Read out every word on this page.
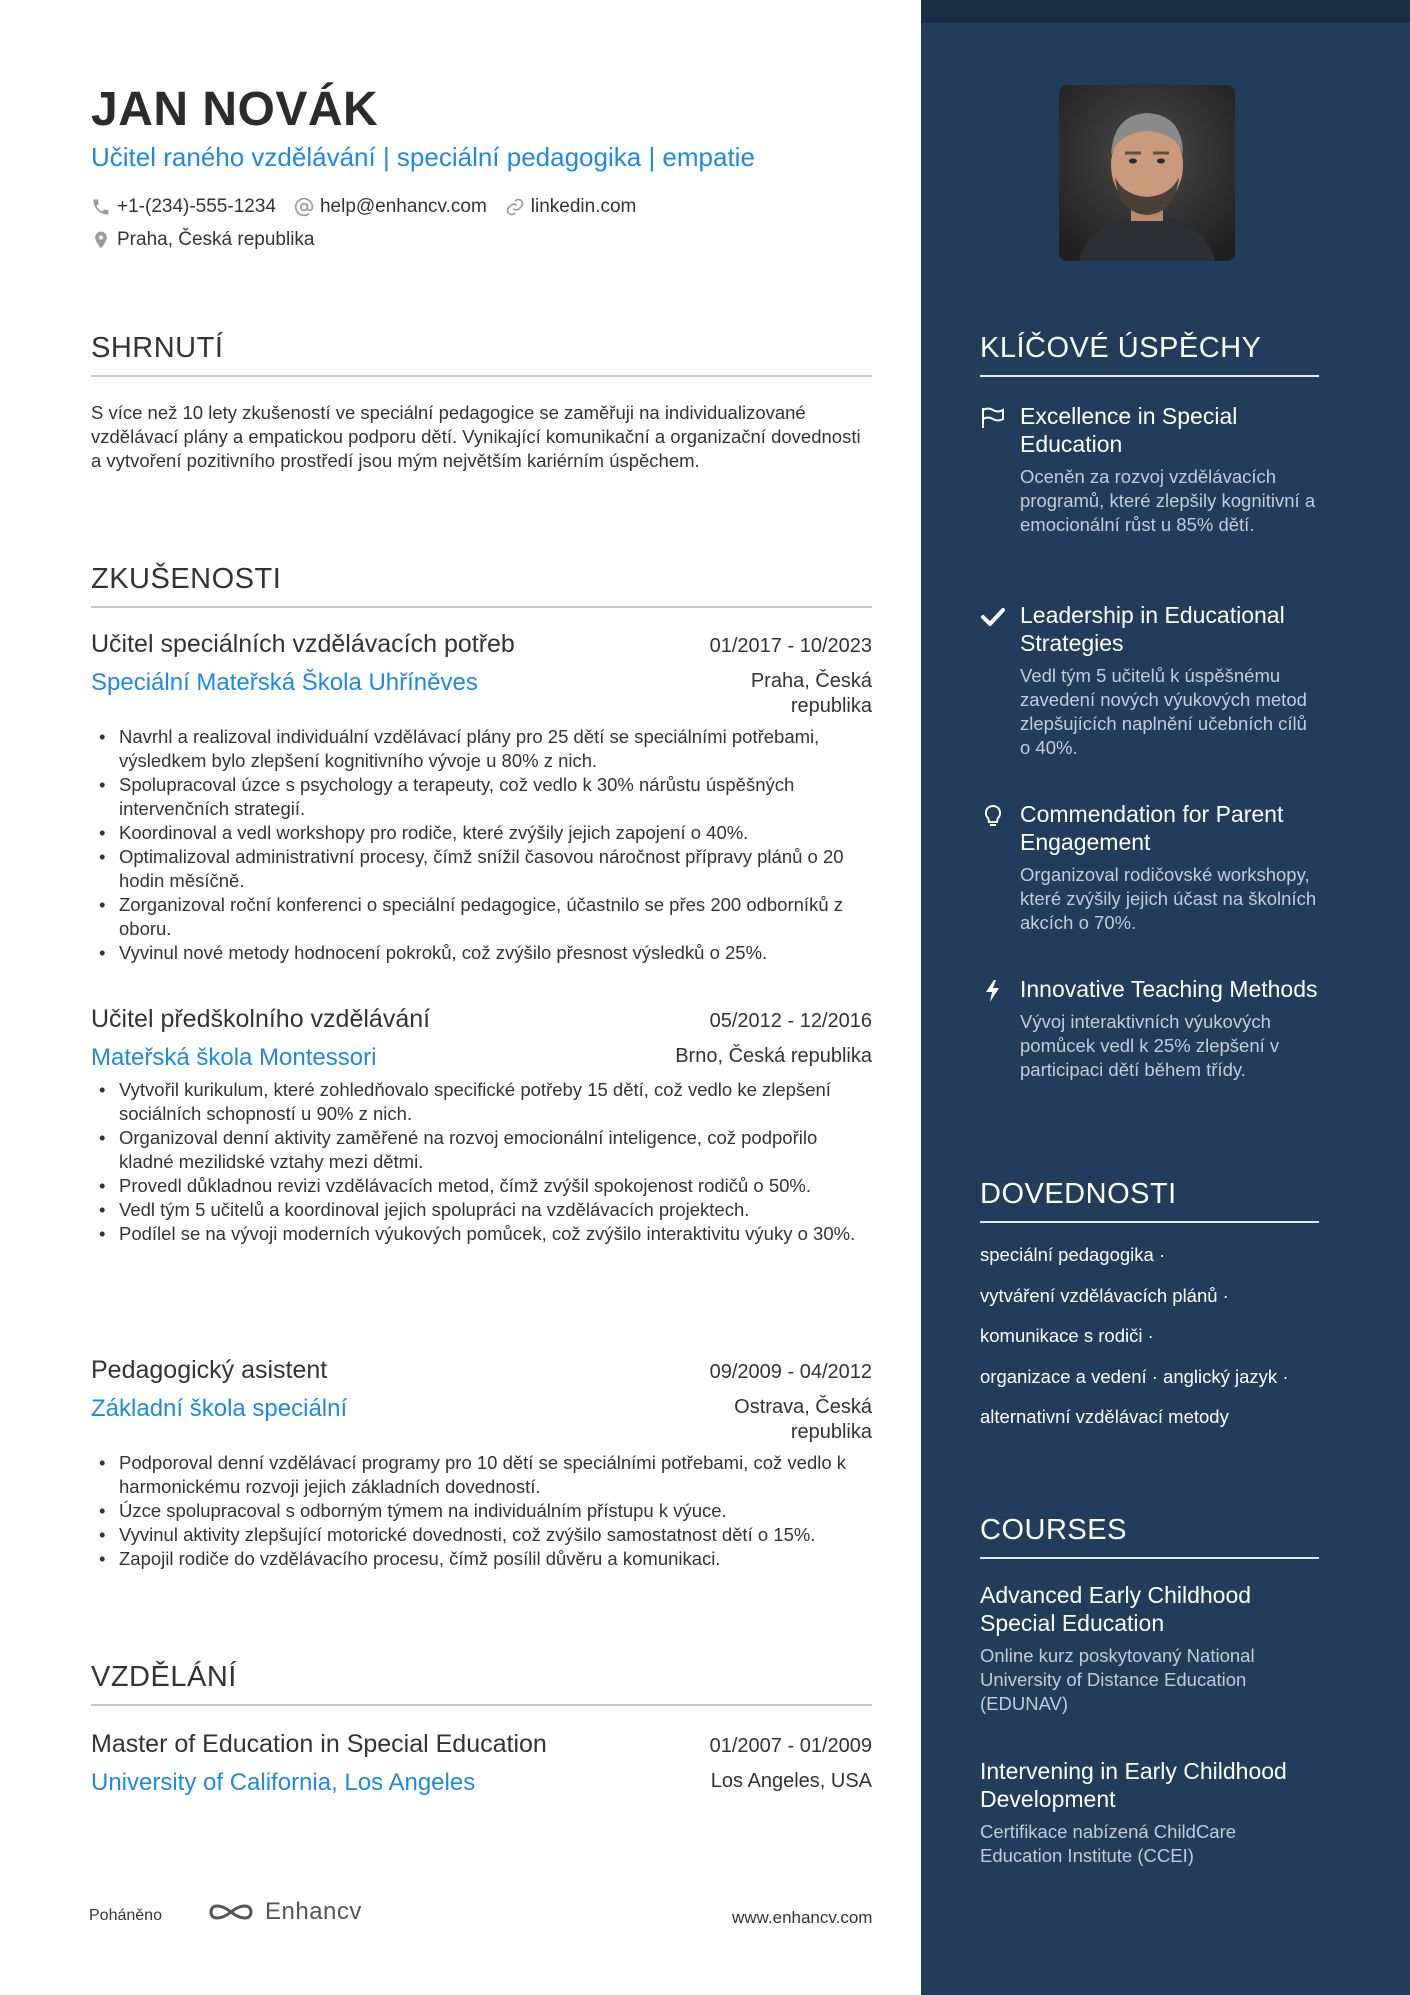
JAN NOVÁK
Učitel raného vzdělávání | speciální pedagogika | empatie
+1-(234)-555-1234 help@enhancv.com linkedin.com
Praha, Česká republika
SHRNUTÍ
S více než 10 lety zkušeností ve speciální pedagogice se zaměřuji na individualizované vzdělávací plány a empatickou podporu dětí. Vynikající komunikační a organizační dovednosti a vytvoření pozitivního prostředí jsou mým největším kariérním úspěchem.
ZKUŠENOSTI
Učitel speciálních vzdělávacích potřeb	01/2017 - 10/2023
Speciální Mateřská Škola Uhříněves	Praha, Česká republika
• Navrhl a realizoval individuální vzdělávací plány pro 25 dětí se speciálními potřebami, výsledkem bylo zlepšení kognitivního vývoje u 80% z nich.
• Spolupracoval úzce s psychology a terapeuty, což vedlo k 30% nárůstu úspěšných intervenčních strategií.
• Koordinoval a vedl workshopy pro rodiče, které zvýšily jejich zapojení o 40%.
• Optimalizoval administrativní procesy, čímž snížil časovou náročnost přípravy plánů o 20 hodin měsíčně.
• Zorganizoval roční konferenci o speciální pedagogice, účastnilo se přes 200 odborníků z oboru.
• Vyvinul nové metody hodnocení pokroků, což zvýšilo přesnost výsledků o 25%.
Učitel předškolního vzdělávání	05/2012 - 12/2016
Mateřská škola Montessori	Brno, Česká republika
• Vytvořil kurikulum, které zohledňovalo specifické potřeby 15 dětí, což vedlo ke zlepšení sociálních schopností u 90% z nich.
• Organizoval denní aktivity zaměřené na rozvoj emocionální inteligence, což podpořilo kladné mezilidské vztahy mezi dětmi.
• Provedl důkladnou revizi vzdělávacích metod, čímž zvýšil spokojenost rodičů o 50%.
• Vedl tým 5 učitelů a koordinoval jejich spolupráci na vzdělávacích projektech.
• Podílel se na vývoji moderních výukových pomůcek, což zvýšilo interaktivitu výuky o 30%.
Pedagogický asistent	09/2009 - 04/2012
Základní škola speciální	Ostrava, Česká republika
• Podporoval denní vzdělávací programy pro 10 dětí se speciálními potřebami, což vedlo k harmonickému rozvoji jejich základních dovedností.
• Úzce spolupracoval s odborným týmem na individuálním přístupu k výuce.
• Vyvinul aktivity zlepšující motorické dovednosti, což zvýšilo samostatnost dětí o 15%.
• Zapojil rodiče do vzdělávacího procesu, čímž posílil důvěru a komunikaci.
VZDĚLÁNÍ
Master of Education in Special Education	01/2007 - 01/2009
University of California, Los Angeles	Los Angeles, USA
KLÍČOVÉ ÚSPĚCHY
Excellence in Special Education
Oceněn za rozvoj vzdělávacích programů, které zlepšily kognitivní a emocionální růst u 85% dětí.
Leadership in Educational Strategies
Vedl tým 5 učitelů k úspěšnému zavedení nových výukových metod zlepšujících naplnění učebních cílů o 40%.
Commendation for Parent Engagement
Organizoval rodičovské workshopy, které zvýšily jejich účast na školních akcích o 70%.
Innovative Teaching Methods
Vývoj interaktivních výukových pomůcek vedl k 25% zlepšení v participaci dětí během třídy.
DOVEDNOSTI
speciální pedagogika ·
vytváření vzdělávacích plánů ·
komunikace s rodiči ·
organizace a vedení · anglický jazyk ·
alternativní vzdělávací metody
COURSES
Advanced Early Childhood Special Education
Online kurz poskytovaný National University of Distance Education (EDUNAV)
Intervening in Early Childhood Development
Certifikace nabízená ChildCare Education Institute (CCEI)
Poháněno	Enhancv	www.enhancv.com
